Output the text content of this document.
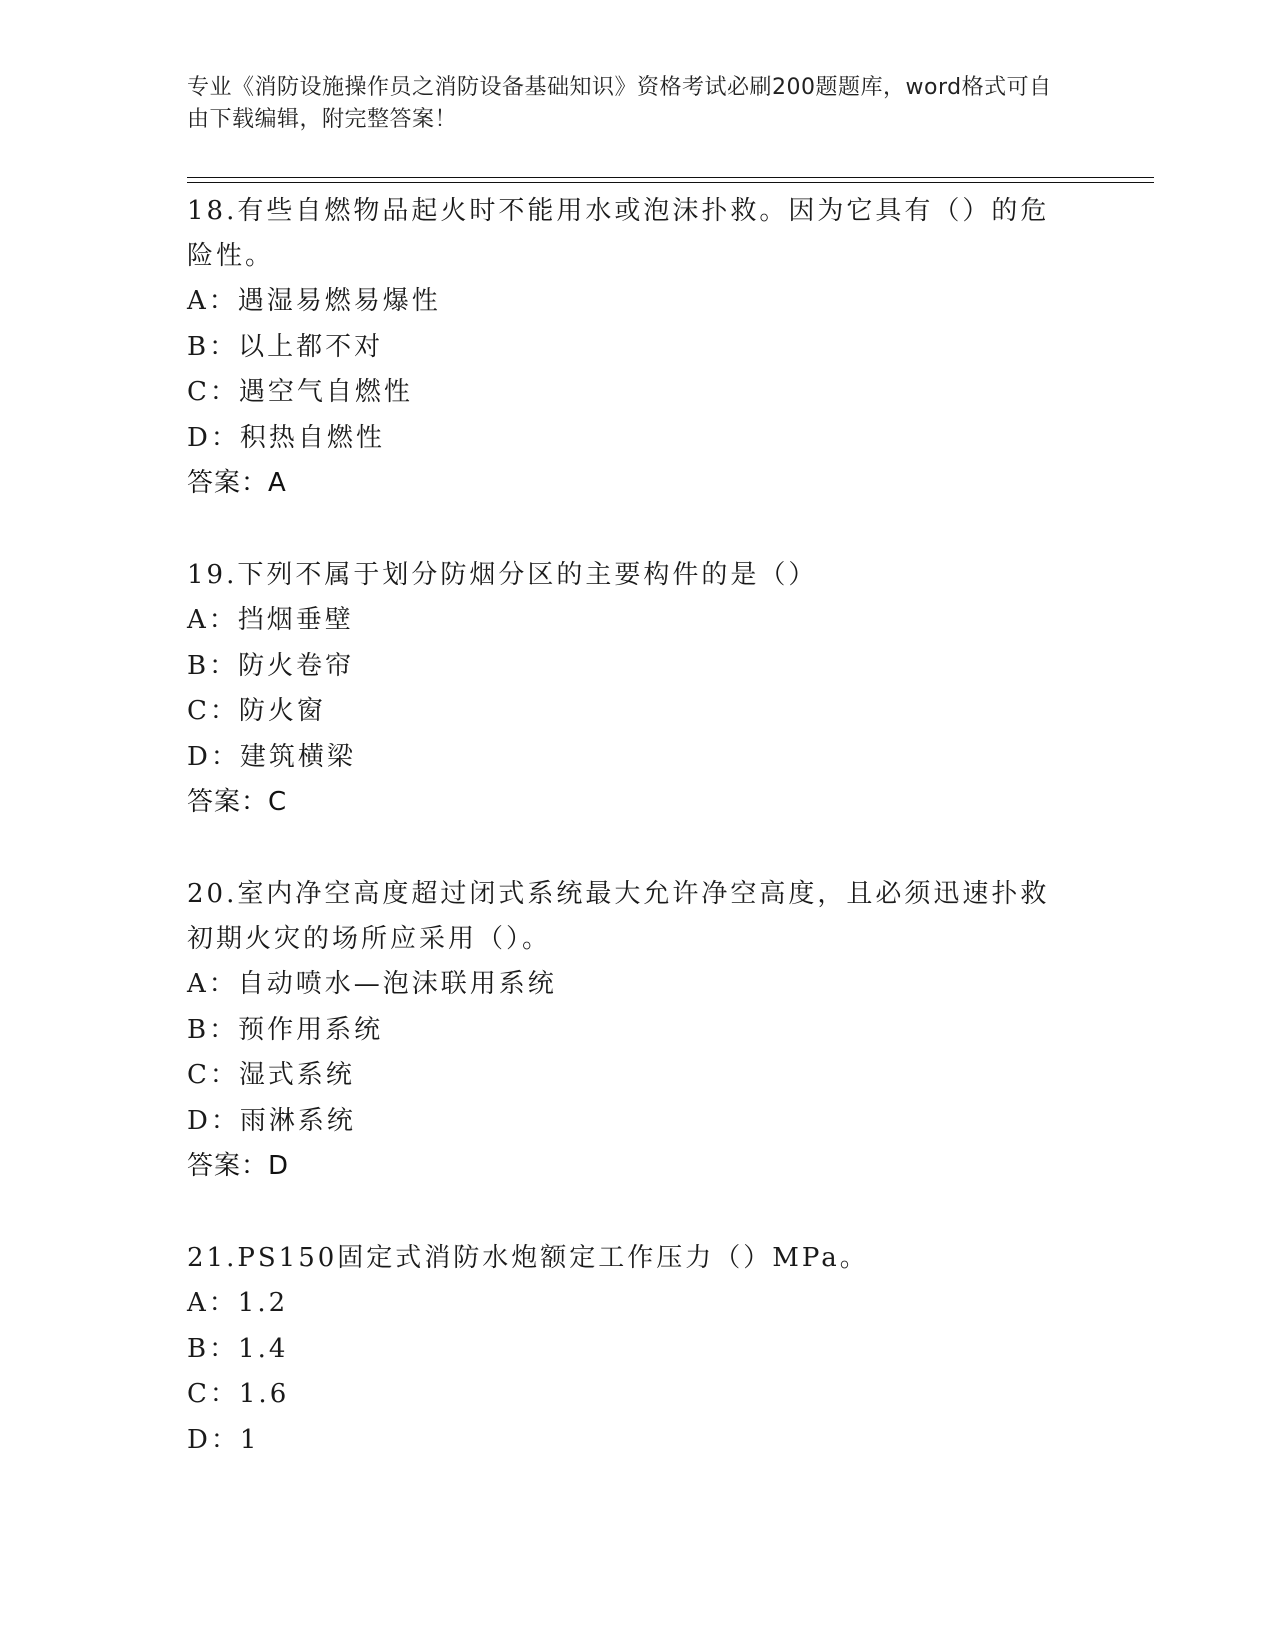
专业《消防设施操作员之消防设备基础知识》资格考试必刷200题题库，word格式可自由下载编辑，附完整答案！
18.有些自燃物品起火时不能用水或泡沫扑救。因为它具有（）的危险性。
A：遇湿易燃易爆性
B：以上都不对
C：遇空气自燃性
D：积热自燃性
答案：A
19.下列不属于划分防烟分区的主要构件的是（）
A：挡烟垂壁
B：防火卷帘
C：防火窗
D：建筑横梁
答案：C
20.室内净空高度超过闭式系统最大允许净空高度，且必须迅速扑救初期火灾的场所应采用（）。
A：自动喷水—泡沫联用系统
B：预作用系统
C：湿式系统
D：雨淋系统
答案：D
21.PS150固定式消防水炮额定工作压力（）MPa。
A：1.2
B：1.4
C：1.6
D：1
